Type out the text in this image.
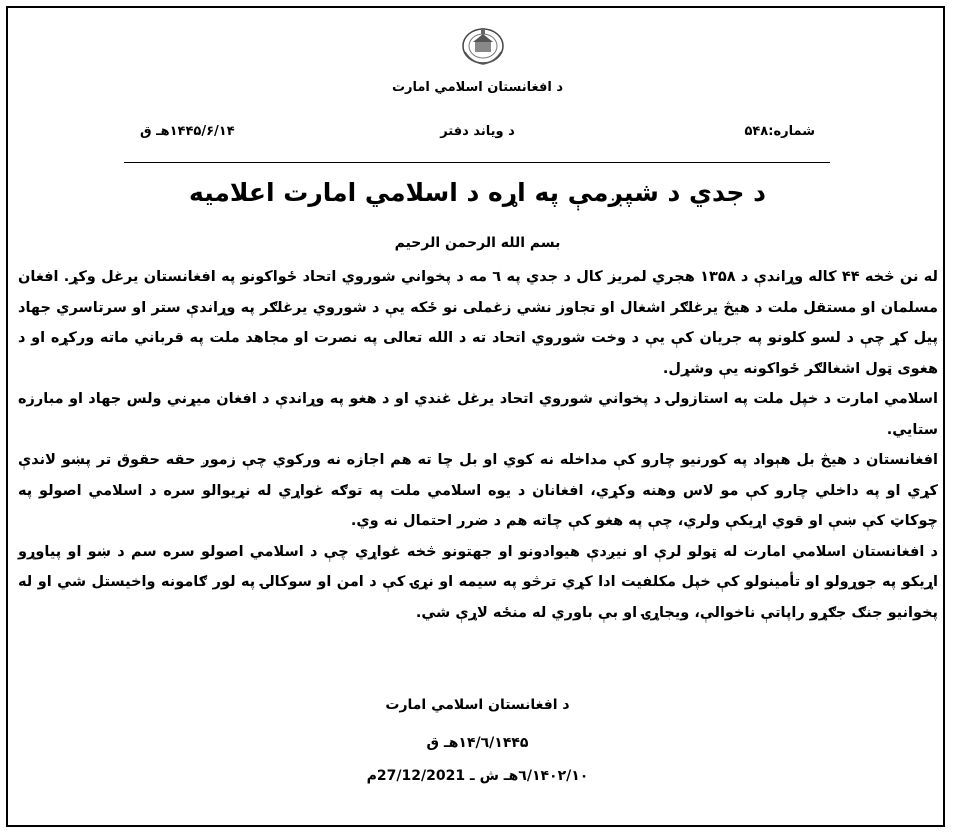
د افغانستان اسلامي امارت
شماره:۵۴۸
د ویاند دفتر
۱۴۴۵/۶/۱۴هـ ق
د جدي د شپږمې په اړه د اسلامي امارت اعلامیه
بسم الله الرحمن الرحیم

له نن څخه ۴۴ کاله وړاندې د ۱۳۵۸ هجري لمریز کال د جدي په ٦ مه د پخواني شوروي اتحاد ځواکونو په افغانستان یرغل وکړ. افغان مسلمان او مستقل ملت د هیڅ یرغلګر اشغال او تجاوز نشي زغملی نو ځکه یې د شوروي یرغلګر په وړاندې ستر او سرتاسري جهاد پیل کړ چې د لسو کلونو په جریان کې یې د وخت شوروي اتحاد ته د الله تعالی په نصرت او مجاهد ملت په قرباني ماته ورکړه او د هغوی ټول اشغالګر ځواکونه یې وشړل.

اسلامي امارت د خپل ملت په استازولۍ د پخواني شوروي اتحاد یرغل غندي او د هغو په وړاندې د افغان میړني ولس جهاد او مبارزه ستایي.

افغانستان د هیڅ بل هېواد په کورنیو چارو کې مداخله نه کوي او بل چا ته هم اجازه نه ورکوي چې زموږ حقه حقوق تر پښو لاندې کړي او په داخلي چارو کې مو لاس وهنه وکړي، افغانان د یوه اسلامي ملت په توګه غواړي له نړیوالو سره د اسلامي اصولو په چوکاټ کې ښې او قوي اړیکې ولري، چې په هغو کې چاته هم د ضرر احتمال نه وي.

د افغانستان اسلامي امارت له ټولو لرې او نیږدې هیوادونو او جهتونو څخه غواړي چې د اسلامي اصولو سره سم د ښو او پیاوړو اړیکو په جوړولو او تأمینولو کې خپل مکلفیت ادا کړي ترڅو په سیمه او نړۍ کې د امن او سوکالۍ په لور ګامونه واخیستل شي او له پخوانیو جنګ جګړو راپاتې ناخوالې، ویجاړۍ او بې باوري له منځه لاړې شي.

د افغانستان اسلامي امارت
۱۴۴۵/٦/۱۴هـ ق
۱۴۰۲/۱۰/٦هـ ش ـ 27/12/2021م
